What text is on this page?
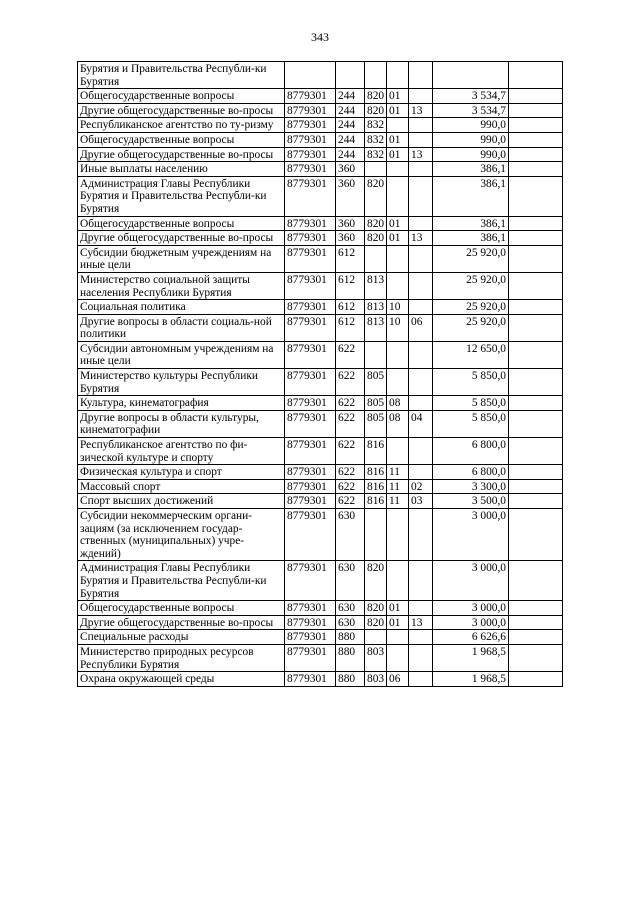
343
Бурятия и Правительства Республи-ки Бурятия							
Общегосударственные вопросы	8779301	244	820	01		3 534,7	
Другие общегосударственные во-просы	8779301	244	820	01	13	3 534,7	
Республиканское агентство по ту-ризму	8779301	244	832			990,0	
Общегосударственные вопросы	8779301	244	832	01		990,0	
Другие общегосударственные во-просы	8779301	244	832	01	13	990,0	
Иные выплаты населению	8779301	360				386,1	
Администрация Главы Республики Бурятия и Правительства Республи-ки Бурятия	8779301	360	820			386,1	
Общегосударственные вопросы	8779301	360	820	01		386,1	
Другие общегосударственные во-просы	8779301	360	820	01	13	386,1	
Субсидии бюджетным учреждениям на иные цели	8779301	612				25 920,0	
Министерство социальной защиты населения Республики Бурятия	8779301	612	813			25 920,0	
Социальная политика	8779301	612	813	10		25 920,0	
Другие вопросы в области социаль-ной политики	8779301	612	813	10	06	25 920,0	
Субсидии автономным учреждениям на иные цели	8779301	622				12 650,0	
Министерство культуры Республики Бурятия	8779301	622	805			5 850,0	
Культура, кинематография	8779301	622	805	08		5 850,0	
Другие вопросы в области культуры, кинематографии	8779301	622	805	08	04	5 850,0	
Республиканское агентство по фи-зической культуре и спорту	8779301	622	816			6 800,0	
Физическая культура и спорт	8779301	622	816	11		6 800,0	
Массовый спорт	8779301	622	816	11	02	3 300,0	
Спорт высших достижений	8779301	622	816	11	03	3 500,0	
Субсидии некоммерческим органи-зациям (за исключением государ-ственных (муниципальных) учре-ждений)	8779301	630				3 000,0	
Администрация Главы Республики Бурятия и Правительства Республи-ки Бурятия	8779301	630	820			3 000,0	
Общегосударственные вопросы	8779301	630	820	01		3 000,0	
Другие общегосударственные во-просы	8779301	630	820	01	13	3 000,0	
Специальные расходы	8779301	880				6 626,6	
Министерство природных ресурсов Республики Бурятия	8779301	880	803			1 968,5	
Охрана окружающей среды	8779301	880	803	06		1 968,5	
